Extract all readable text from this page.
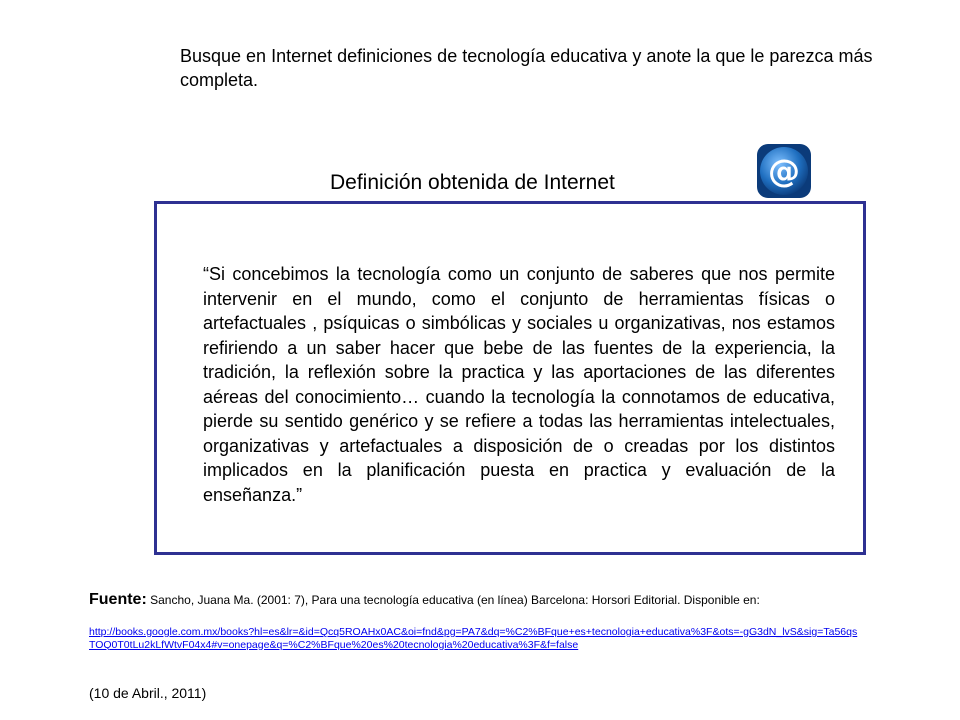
Busque en Internet definiciones de tecnología educativa y anote la que le parezca más completa.
Definición obtenida de Internet	@
“Si concebimos la tecnología como un conjunto de saberes que nos permite intervenir en el mundo, como el conjunto de herramientas físicas o artefactuales , psíquicas o simbólicas y sociales u organizativas, nos estamos refiriendo a un saber hacer que bebe de las fuentes de la experiencia, la tradición, la reflexión sobre la practica y las aportaciones de las diferentes aéreas del conocimiento… cuando la tecnología la connotamos de educativa, pierde su sentido genérico y se refiere a todas las herramientas intelectuales, organizativas y artefactuales a disposición de o creadas por los distintos implicados en la planificación puesta en practica y evaluación de la enseñanza.”
Fuente: Sancho, Juana Ma. (2001: 7), Para una tecnología educativa (en línea) Barcelona: Horsori Editorial. Disponible en:
http://books.google.com.mx/books?hl=es&lr=&id=Qcq5ROAHx0AC&oi=fnd&pg=PA7&dq=%C2%BFque+es+tecnologia+educativa%3F&ots=-gG3dN_lvS&sig=Ta56qsTOQ0T0tLu2kLfWtvF04x4#v=onepage&q=%C2%BFque%20es%20tecnologia%20educativa%3F&f=false
(10 de Abril., 2011)
